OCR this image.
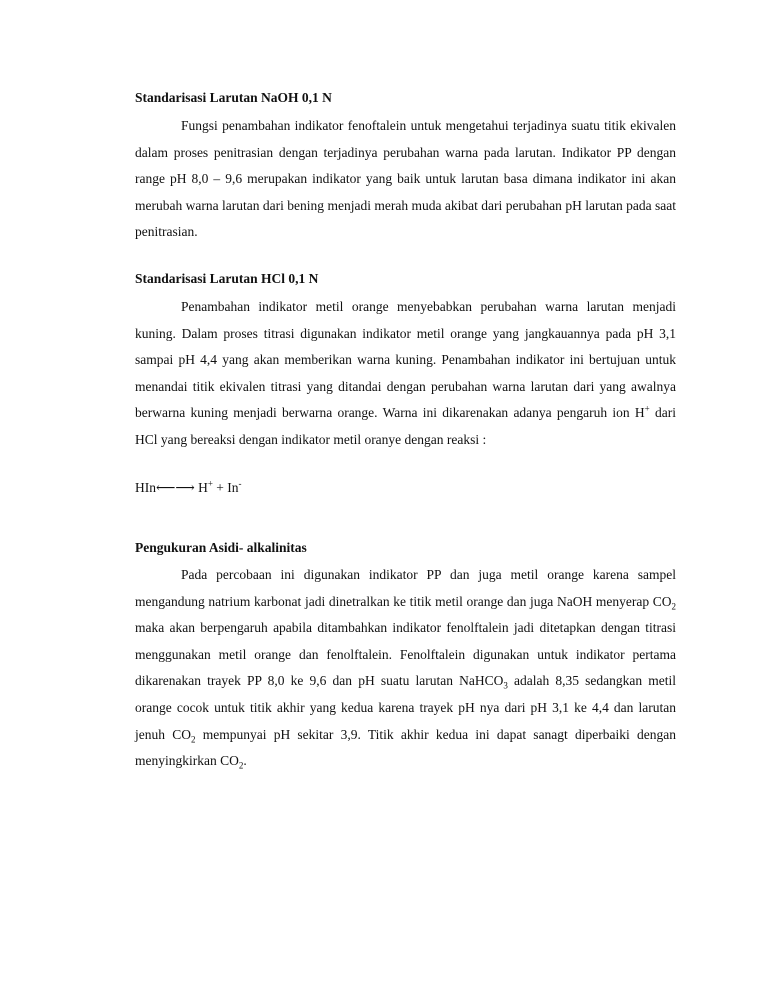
Standarisasi Larutan NaOH 0,1 N

Fungsi penambahan indikator fenoftalein untuk mengetahui terjadinya suatu titik ekivalen dalam proses penitrasian dengan terjadinya perubahan warna pada larutan. Indikator PP dengan range pH 8,0 – 9,6 merupakan indikator yang baik untuk larutan basa dimana indikator ini akan merubah warna larutan dari bening menjadi merah muda akibat dari perubahan pH larutan pada saat penitrasian.

Standarisasi Larutan HCl 0,1 N

Penambahan indikator metil orange menyebabkan perubahan warna larutan menjadi kuning. Dalam proses titrasi digunakan indikator metil orange yang jangkauannya pada pH 3,1 sampai pH 4,4 yang akan memberikan warna kuning. Penambahan indikator ini bertujuan untuk menandai titik ekivalen titrasi yang ditandai dengan perubahan warna larutan dari yang awalnya berwarna kuning menjadi berwarna orange. Warna ini dikarenakan adanya pengaruh ion H+ dari HCl yang bereaksi dengan indikator metil oranye dengan reaksi :

HIn⟵⟶ H+ + In-
Pengukuran Asidi- alkalinitas

Pada percobaan ini digunakan indikator PP dan juga metil orange karena sampel mengandung natrium karbonat jadi dinetralkan ke titik metil orange dan juga NaOH menyerap $CO_2$ maka akan berpengaruh apabila ditambahkan indikator fenolftalein jadi ditetapkan dengan titrasi menggunakan metil orange dan fenolftalein. Fenolftalein digunakan untuk indikator pertama dikarenakan trayek PP 8,0 ke 9,6 dan pH suatu larutan NaHCO$_3$ adalah 8,35 sedangkan metil orange cocok untuk titik akhir yang kedua karena trayek pH nya dari pH 3,1 ke 4,4 dan larutan jenuh $CO_2$ mempunyai pH sekitar 3,9. Titik akhir kedua ini dapat sanagt diperbaiki dengan menyingkirkan $CO_2$.
